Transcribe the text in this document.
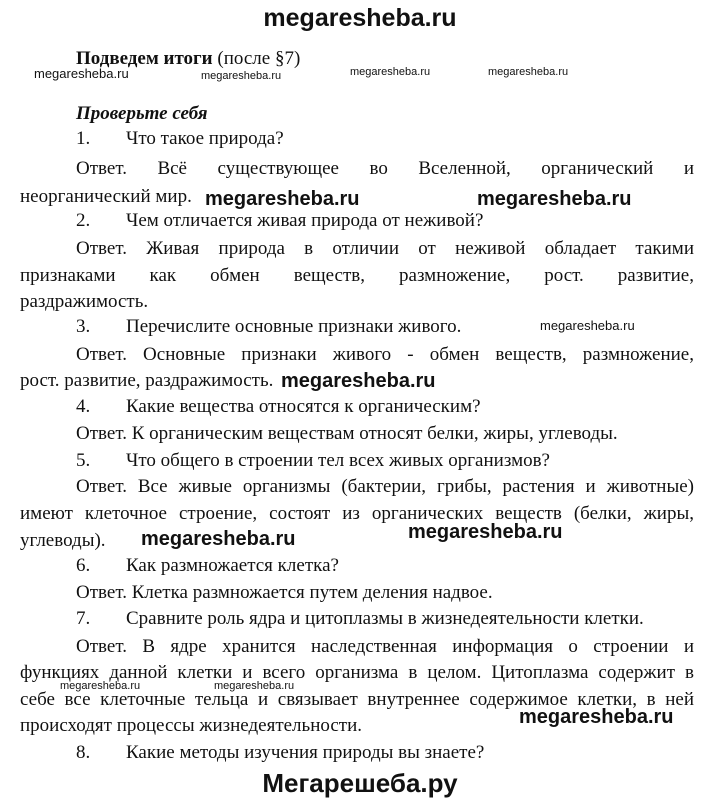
megaresheba.ru
Мегарешеба.ру
Подведем итоги (после §7)
Проверьте себя
megaresheba.ru	megaresheba.ru	megaresheba.ru	megaresheba.ru
megaresheba.ru	megaresheba.ru
megaresheba.ru
megaresheba.ru
megaresheba.ru	megaresheba.ru
megaresheba.ru	megaresheba.ru
megaresheba.ru
1. Что такое природа?
Ответ. Всё существующее во Вселенной, органический и
неорганический мир.
2. Чем отличается живая природа от неживой?
Ответ. Живая природа в отличии от неживой обладает такими
признаками как обмен веществ, размножение, рост. развитие,
раздражимость.
3. Перечислите основные признаки живого.
Ответ. Основные признаки живого - обмен веществ, размножение,
рост. развитие, раздражимость.
4. Какие вещества относятся к органическим?
Ответ. К органическим веществам относят белки, жиры, углеводы.
5. Что общего в строении тел всех живых организмов?
Ответ. Все живые организмы (бактерии, грибы, растения и животные)
имеют клеточное строение, состоят из органических веществ (белки, жиры,
углеводы).
6. Как размножается клетка?
Ответ. Клетка размножается путем деления надвое.
7. Сравните роль ядра и цитоплазмы в жизнедеятельности клетки.
Ответ. В ядре хранится наследственная информация о строении и
функциях данной клетки и всего организма в целом. Цитоплазма содержит в
себе все клеточные тельца и связывает внутреннее содержимое клетки, в ней
происходят процессы жизнедеятельности.
8. Какие методы изучения природы вы знаете?
